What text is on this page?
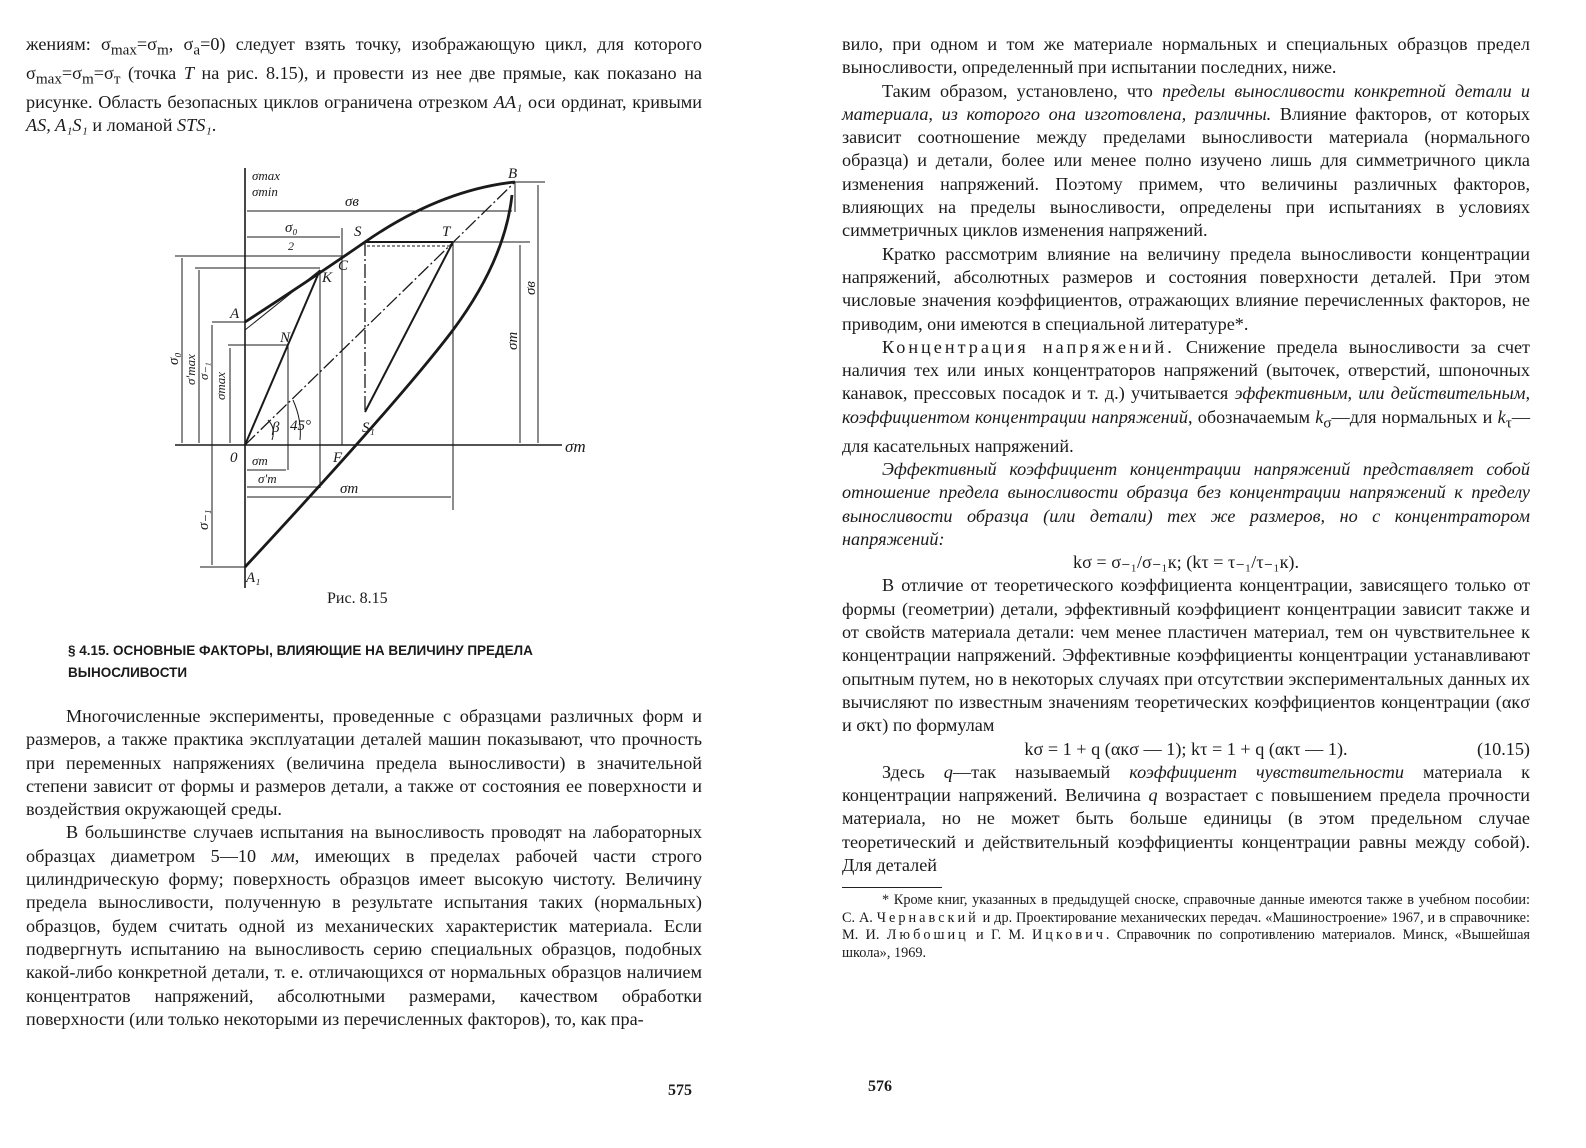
жениям: $\sigma_{max}=\sigma_m$, $\sigma_a=0$) следует взять точку, изображающую цикл, для которого $\sigma_{max}=\sigma_m=\sigma_т$ (точка T на рис. 8.15), и провести из нее две прямые, как показано на рисунке. Область безопасных циклов ограничена отрезком AA₁ оси ординат, кривыми AS, A₁S₁ и ломаной STS₁.

B
S	T
K
C
A
N
0	F
S₁
A₁
β 45°
σmax
σmin
σm
σв
σ₀
2
σm
σ'm
σт
σ₀ σ'max
σ₋₁
σmax
σт
σв
σ₋₁
Рис. 8.15
§ 4.15. ОСНОВНЫЕ ФАКТОРЫ, ВЛИЯЮЩИЕ НА ВЕЛИЧИНУ ПРЕДЕЛА ВЫНОСЛИВОСТИ

Многочисленные эксперименты, проведенные с образцами различных форм и размеров, а также практика эксплуатации деталей машин показывают, что прочность при переменных напряжениях (величина предела выносливости) в значительной степени зависит от формы и размеров детали, а также от состояния ее поверхности и воздействия окружающей среды.

В большинстве случаев испытания на выносливость проводят на лабораторных образцах диаметром 5—10 мм, имеющих в пределах рабочей части строго цилиндрическую форму; поверхность образцов имеет высокую чистоту. Величину предела выносливости, полученную в результате испытания таких (нормальных) образцов, будем считать одной из механических характеристик материала. Если подвергнуть испытанию на выносливость серию специальных образцов, подобных какой-либо конкретной детали, т. е. отличающихся от нормальных образцов наличием концентратов напряжений, абсолютными размерами, качеством обработки поверхности (или только некоторыми из перечисленных факторов), то, как пра-

575

вило, при одном и том же материале нормальных и специальных образцов предел выносливости, определенный при испытании последних, ниже.

Таким образом, установлено, что пределы выносливости конкретной детали и материала, из которого она изготовлена, различны. Влияние факторов, от которых зависит соотношение между пределами выносливости материала (нормального образца) и детали, более или менее полно изучено лишь для симметричного цикла изменения напряжений. Поэтому примем, что величины различных факторов, влияющих на пределы выносливости, определены при испытаниях в условиях симметричных циклов изменения напряжений.

Кратко рассмотрим влияние на величину предела выносливости концентрации напряжений, абсолютных размеров и состояния поверхности деталей. При этом числовые значения коэффициентов, отражающих влияние перечисленных факторов, не приводим, они имеются в специальной литературе*.

Концентрация напряжений. Снижение предела выносливости за счет наличия тех или иных концентраторов напряжений (выточек, отверстий, шпоночных канавок, прессовых посадок и т. д.) учитывается эффективным, или действительным, коэффициентом концентрации напряжений, обозначаемым $k_\sigma—для$ нормальных и $k_\tau—для$ касательных напряжений.

Эффективный коэффициент концентрации напряжений представляет собой отношение предела выносливости образца без концентрации напряжений к пределу выносливости образца (или детали) тех же размеров, но с концентратором напряжений:

kσ = σ₋₁/σ₋₁к; (kτ = τ₋₁/τ₋₁к).

В отличие от теоретического коэффициента концентрации, зависящего только от формы (геометрии) детали, эффективный коэффициент концентрации зависит также и от свойств материала детали: чем менее пластичен материал, тем он чувствительнее к концентрации напряжений. Эффективные коэффициенты концентрации устанавливают опытным путем, но в некоторых случаях при отсутствии экспериментальных данных их вычисляют по известным значениям теоретических коэффициентов концентрации (αкσ и σкτ) по формулам

kσ = 1 + q (αкσ — 1); kτ = 1 + q (αкτ — 1).	(10.15)

Здесь q—так называемый коэффициент чувствительности материала к концентрации напряжений. Величина q возрастает с повышением предела прочности материала, но не может быть больше единицы (в этом предельном случае теоретический и действительный коэффициенты концентрации равны между собой). Для деталей

* Кроме книг, указанных в предыдущей сноске, справочные данные имеются также в учебном пособии: С. А. Чернавский и др. Проектирование механических передач. «Машиностроение» 1967, и в справочнике: М. И. Любошиц и Г. М. Ицкович. Справочник по сопротивлению материалов. Минск, «Вышейшая школа», 1969.

576
